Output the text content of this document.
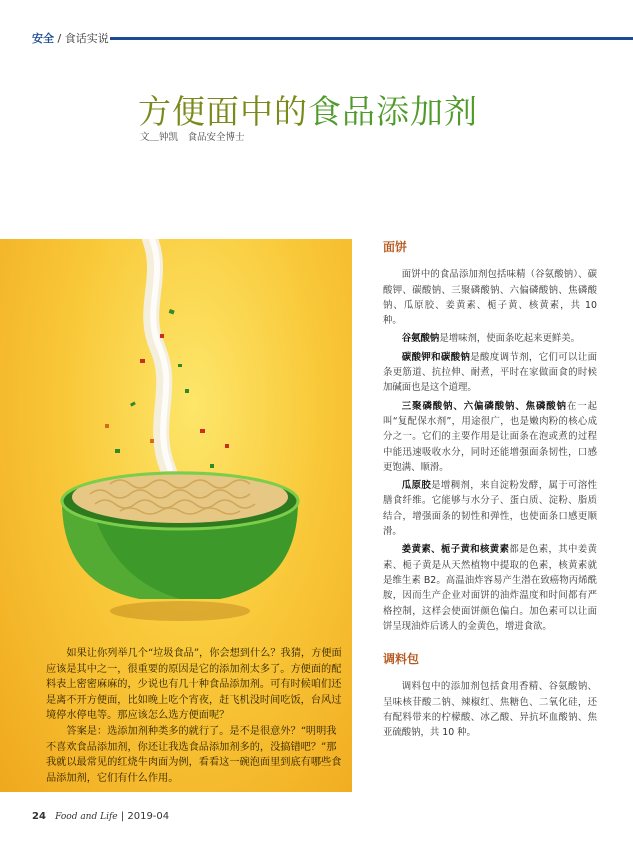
安全 / 食话实说
方便面中的食品添加剂
文＿钟凯　食品安全博士

如果让你列举几个“垃圾食品”，你会想到什么？我猜，方便面应该是其中之一，很重要的原因是它的添加剂太多了。方便面的配料表上密密麻麻的，少说也有几十种食品添加剂。可有时候咱们还是离不开方便面，比如晚上吃个宵夜，赶飞机没时间吃饭，台风过境停水停电等。那应该怎么选方便面呢？

答案是：选添加剂种类多的就行了。是不是很意外？“明明我不喜欢食品添加剂，你还让我选食品添加剂多的，没搞错吧？”那我就以最常见的红烧牛肉面为例，看看这一碗泡面里到底有哪些食品添加剂，它们有什么作用。

面饼

面饼中的食品添加剂包括味精（谷氨酸钠）、碳酸钾、碳酸钠、三聚磷酸钠、六偏磷酸钠、焦磷酸钠、瓜原胶、姜黄素、栀子黄、核黄素，共 10 种。

谷氨酸钠是增味剂，使面条吃起来更鲜美。

碳酸钾和碳酸钠是酸度调节剂，它们可以让面条更筋道、抗拉伸、耐煮，平时在家做面食的时候加碱面也是这个道理。

三聚磷酸钠、六偏磷酸钠、焦磷酸钠在一起叫“复配保水剂”，用途很广，也是嫩肉粉的核心成分之一。它们的主要作用是让面条在泡或煮的过程中能迅速吸收水分，同时还能增强面条韧性，口感更饱满、顺滑。

瓜原胶是增稠剂，来自淀粉发酵，属于可溶性膳食纤维。它能够与水分子、蛋白质、淀粉、脂质结合，增强面条的韧性和弹性，也使面条口感更顺滑。

姜黄素、栀子黄和核黄素都是色素，其中姜黄素、栀子黄是从天然植物中提取的色素，核黄素就是维生素 B2。高温油炸容易产生潜在致癌物丙烯酰胺，因而生产企业对面饼的油炸温度和时间都有严格控制，这样会使面饼颜色偏白。加色素可以让面饼呈现油炸后诱人的金黄色，增进食欲。

调料包

调料包中的添加剂包括食用香精、谷氨酸钠、呈味核苷酸二钠、辣椒红、焦糖色、二氧化硅，还有配料带来的柠檬酸、冰乙酸、异抗坏血酸钠、焦亚硫酸钠，共 10 种。

24 Food and Life | 2019-04
